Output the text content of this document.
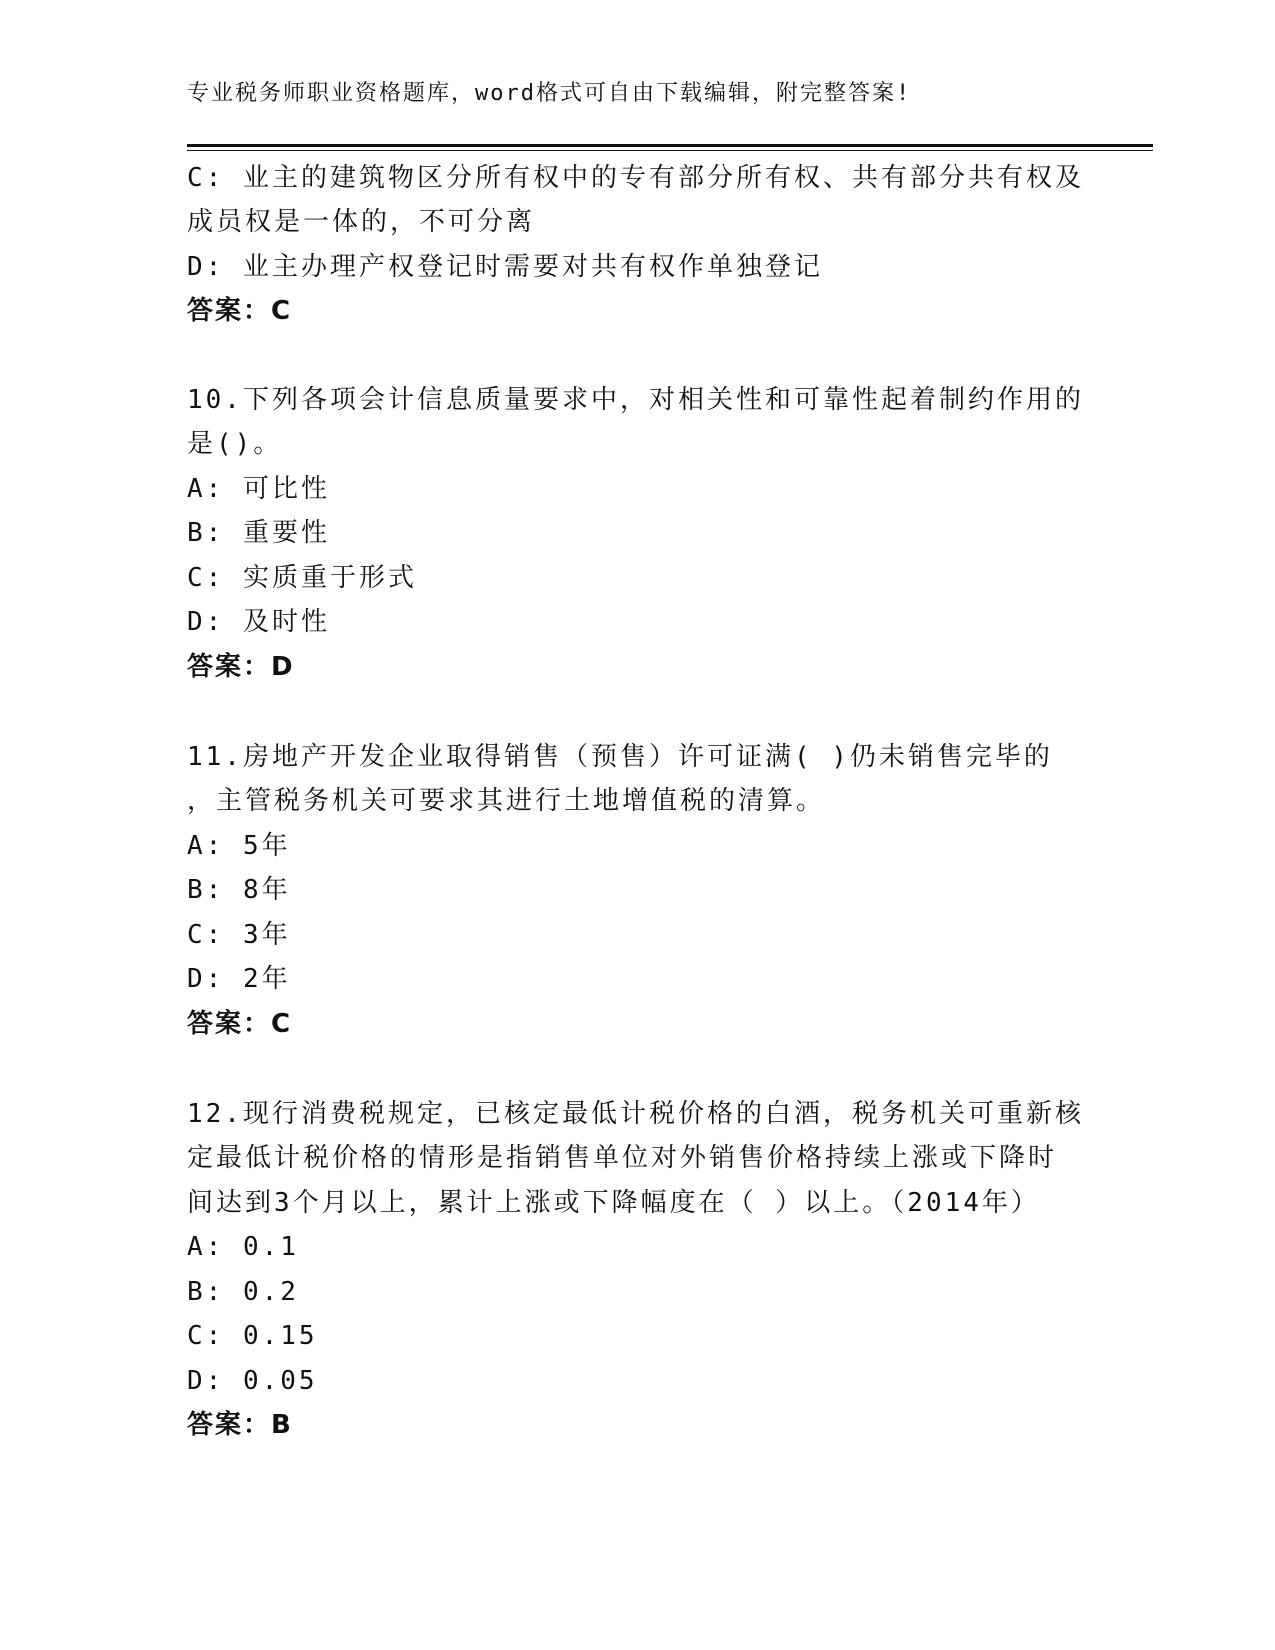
专业税务师职业资格题库，word格式可自由下载编辑，附完整答案!
C: 业主的建筑物区分所有权中的专有部分所有权、共有部分共有权及
成员权是一体的，不可分离
D: 业主办理产权登记时需要对共有权作单独登记
答案：C
10.下列各项会计信息质量要求中，对相关性和可靠性起着制约作用的
是()。
A: 可比性
B: 重要性
C: 实质重于形式
D: 及时性
答案：D
11.房地产开发企业取得销售（预售）许可证满( )仍未销售完毕的
，主管税务机关可要求其进行土地增值税的清算。
A: 5年
B: 8年
C: 3年
D: 2年
答案：C
12.现行消费税规定，已核定最低计税价格的白酒，税务机关可重新核
定最低计税价格的情形是指销售单位对外销售价格持续上涨或下降时
间达到3个月以上，累计上涨或下降幅度在（ ）以上。（2014年）
A: 0.1
B: 0.2
C: 0.15
D: 0.05
答案：B
